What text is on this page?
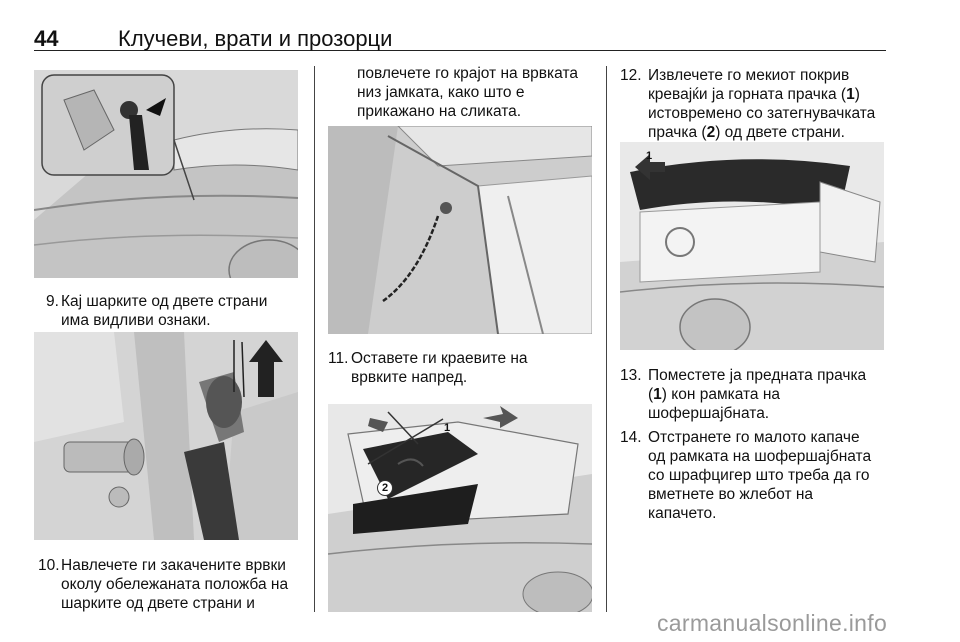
44	Клучеви, врати и прозорци
9. Кај шарките од двете страни
има видливи ознаки.
10. Навлечете ги закачените врвки
околу обележаната положба на
шарките од двете страни и
повлечете го крајот на врвката
низ јамката, како што е
прикажано на сликата.
11. Оставете ги краевите на
врвките напред.
1
2
12. Извлечете го мекиот покрив
кревајќи ја горната прачка (1)
истовремено со затегнувачката
прачка (2) од двете страни.
1
13. Поместете ја предната прачка
(1) кон рамката на
шофершајбната.
14. Отстранете го малото капаче
од рамката на шофершајбната
со шрафцигер што треба да го
вметнете во жлебот на
капачето.
carmanualsonline.info
